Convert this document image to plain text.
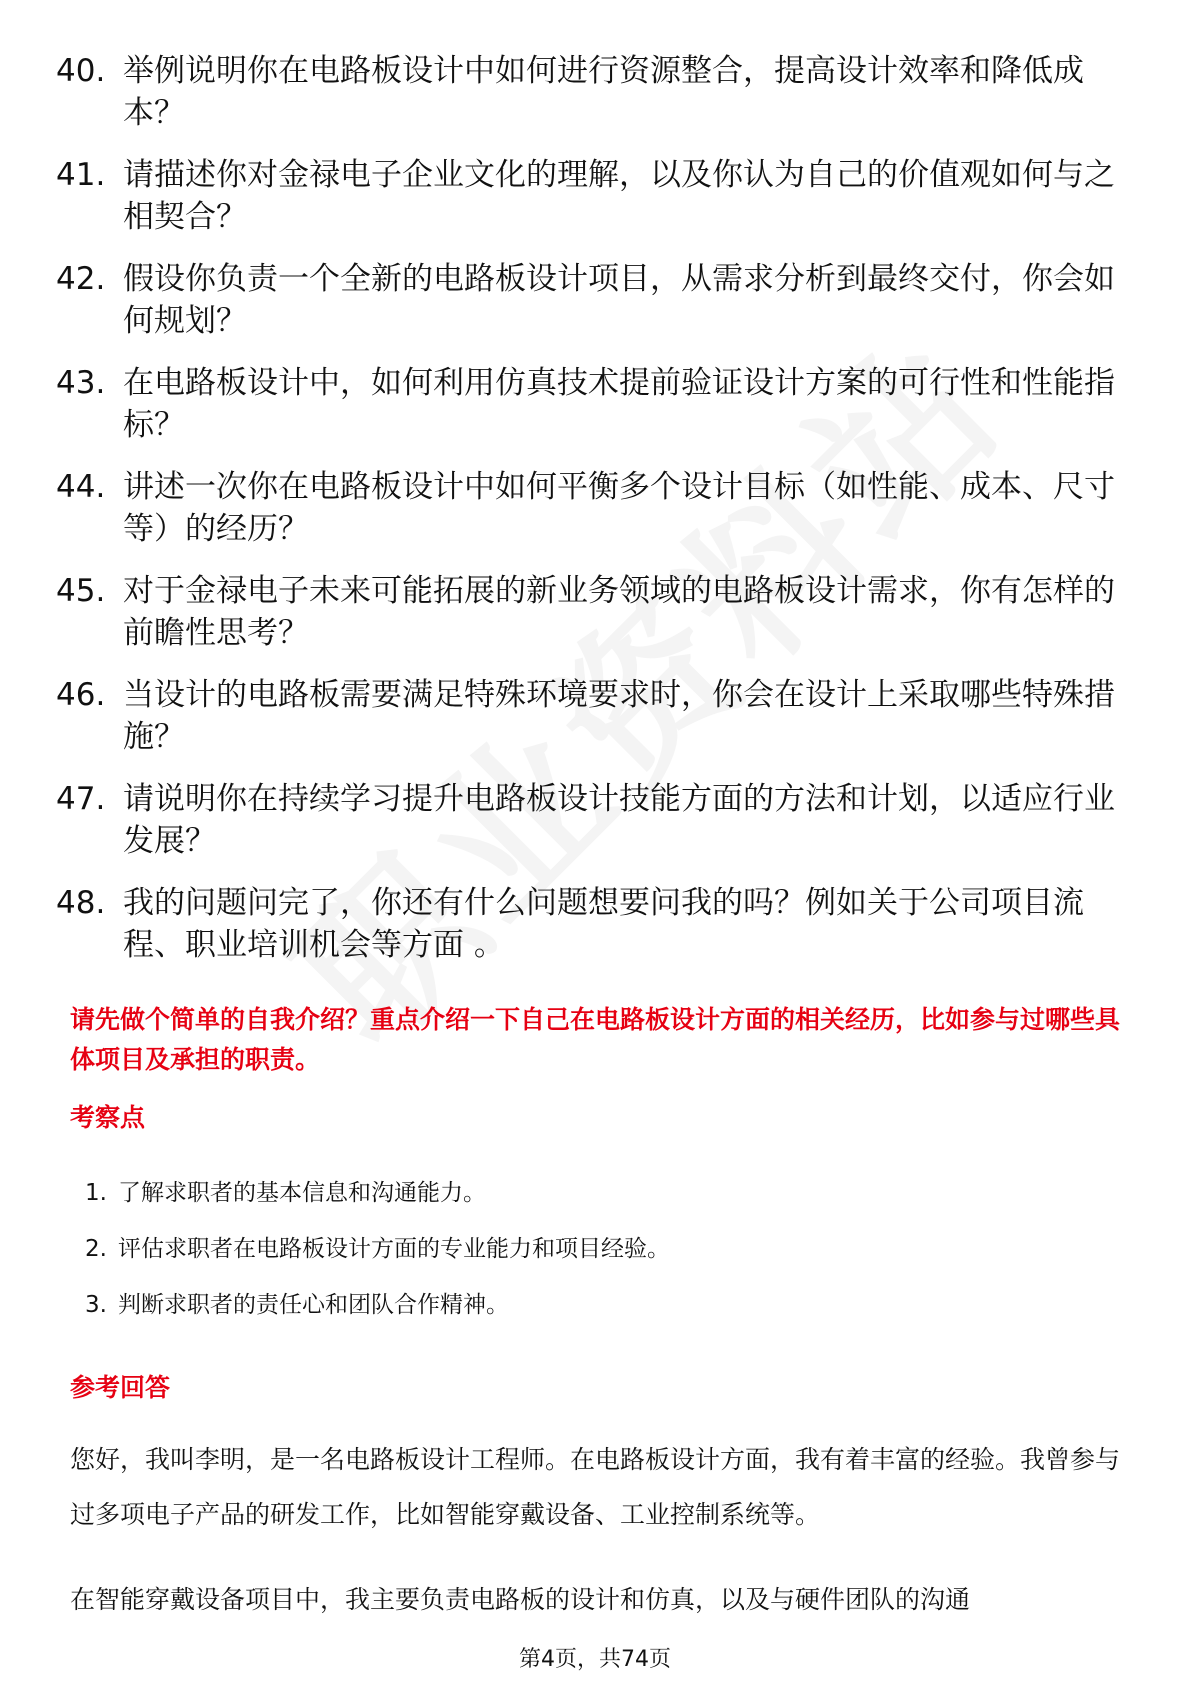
40. 举例说明你在电路板设计中如何进行资源整合，提高设计效率和降低成本？
41. 请描述你对金禄电子企业文化的理解，以及你认为自己的价值观如何与之相契合？
42. 假设你负责一个全新的电路板设计项目，从需求分析到最终交付，你会如何规划？
43. 在电路板设计中，如何利用仿真技术提前验证设计方案的可行性和性能指标？
44. 讲述一次你在电路板设计中如何平衡多个设计目标（如性能、成本、尺寸等）的经历？
45. 对于金禄电子未来可能拓展的新业务领域的电路板设计需求，你有怎样的前瞻性思考？
46. 当设计的电路板需要满足特殊环境要求时，你会在设计上采取哪些特殊措施？
47. 请说明你在持续学习提升电路板设计技能方面的方法和计划，以适应行业发展？
48. 我的问题问完了，你还有什么问题想要问我的吗？例如关于公司项目流程、职业培训机会等方面 。
请先做个简单的自我介绍？重点介绍一下自己在电路板设计方面的相关经历，比如参与过哪些具体项目及承担的职责。
考察点
1. 了解求职者的基本信息和沟通能力。
2. 评估求职者在电路板设计方面的专业能力和项目经验。
3. 判断求职者的责任心和团队合作精神。
参考回答
您好，我叫李明，是一名电路板设计工程师。在电路板设计方面，我有着丰富的经验。我曾参与过多项电子产品的研发工作，比如智能穿戴设备、工业控制系统等。
在智能穿戴设备项目中，我主要负责电路板的设计和仿真，以及与硬件团队的沟通
第4页，共74页
